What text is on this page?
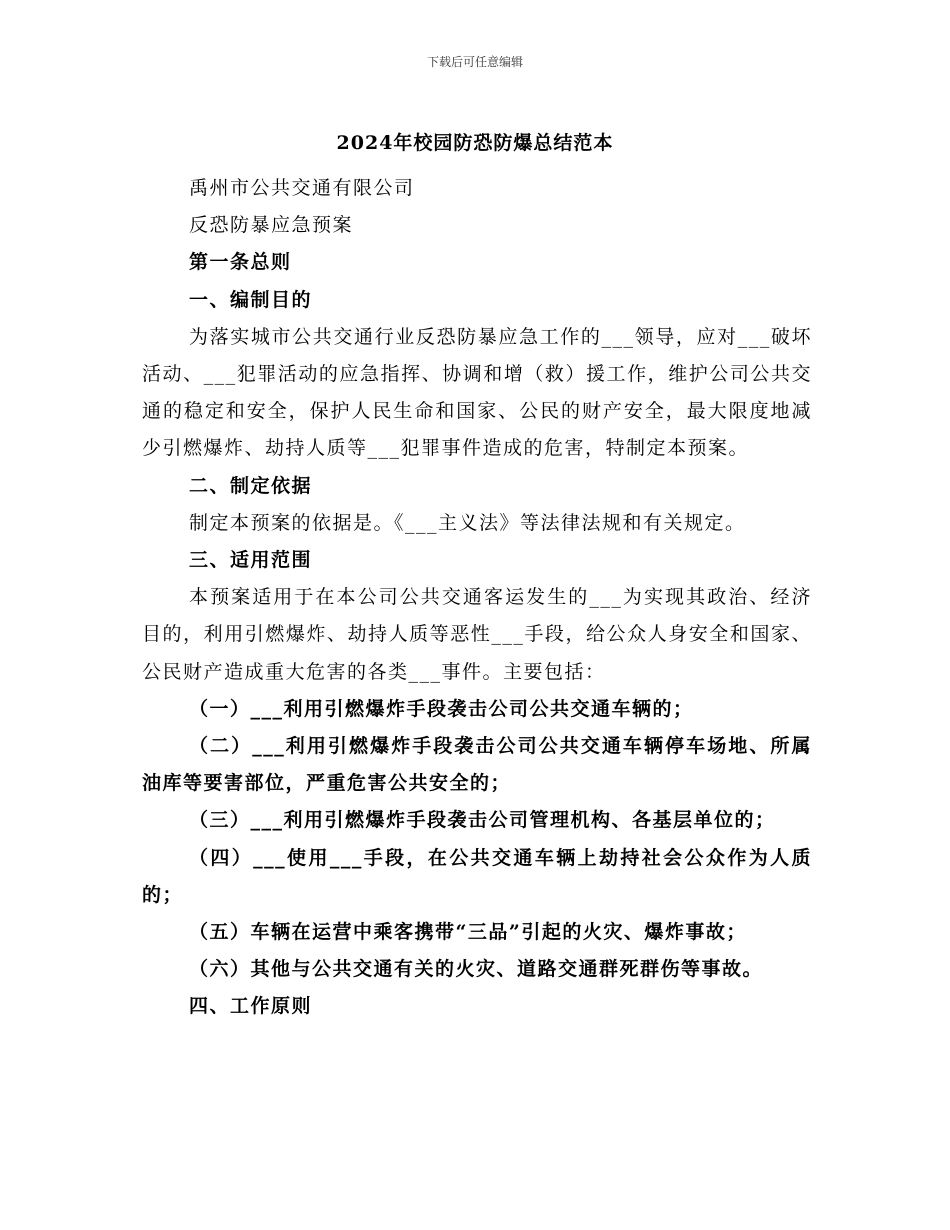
下载后可任意编辑
2024年校园防恐防爆总结范本

禹州市公共交通有限公司

反恐防暴应急预案

第一条总则

一、编制目的

为落实城市公共交通行业反恐防暴应急工作的___领导，应对___破坏活动、___犯罪活动的应急指挥、协调和增（救）援工作，维护公司公共交通的稳定和安全，保护人民生命和国家、公民的财产安全，最大限度地减少引燃爆炸、劫持人质等___犯罪事件造成的危害，特制定本预案。

二、制定依据

制定本预案的依据是。《___主义法》等法律法规和有关规定。

三、适用范围

本预案适用于在本公司公共交通客运发生的___为实现其政治、经济目的，利用引燃爆炸、劫持人质等恶性___手段，给公众人身安全和国家、公民财产造成重大危害的各类___事件。主要包括：

（一）___利用引燃爆炸手段袭击公司公共交通车辆的；

（二）___利用引燃爆炸手段袭击公司公共交通车辆停车场地、所属油库等要害部位，严重危害公共安全的；

（三）___利用引燃爆炸手段袭击公司管理机构、各基层单位的；

（四）___使用___手段，在公共交通车辆上劫持社会公众作为人质的；

（五）车辆在运营中乘客携带“三品”引起的火灾、爆炸事故；

（六）其他与公共交通有关的火灾、道路交通群死群伤等事故。

四、工作原则
